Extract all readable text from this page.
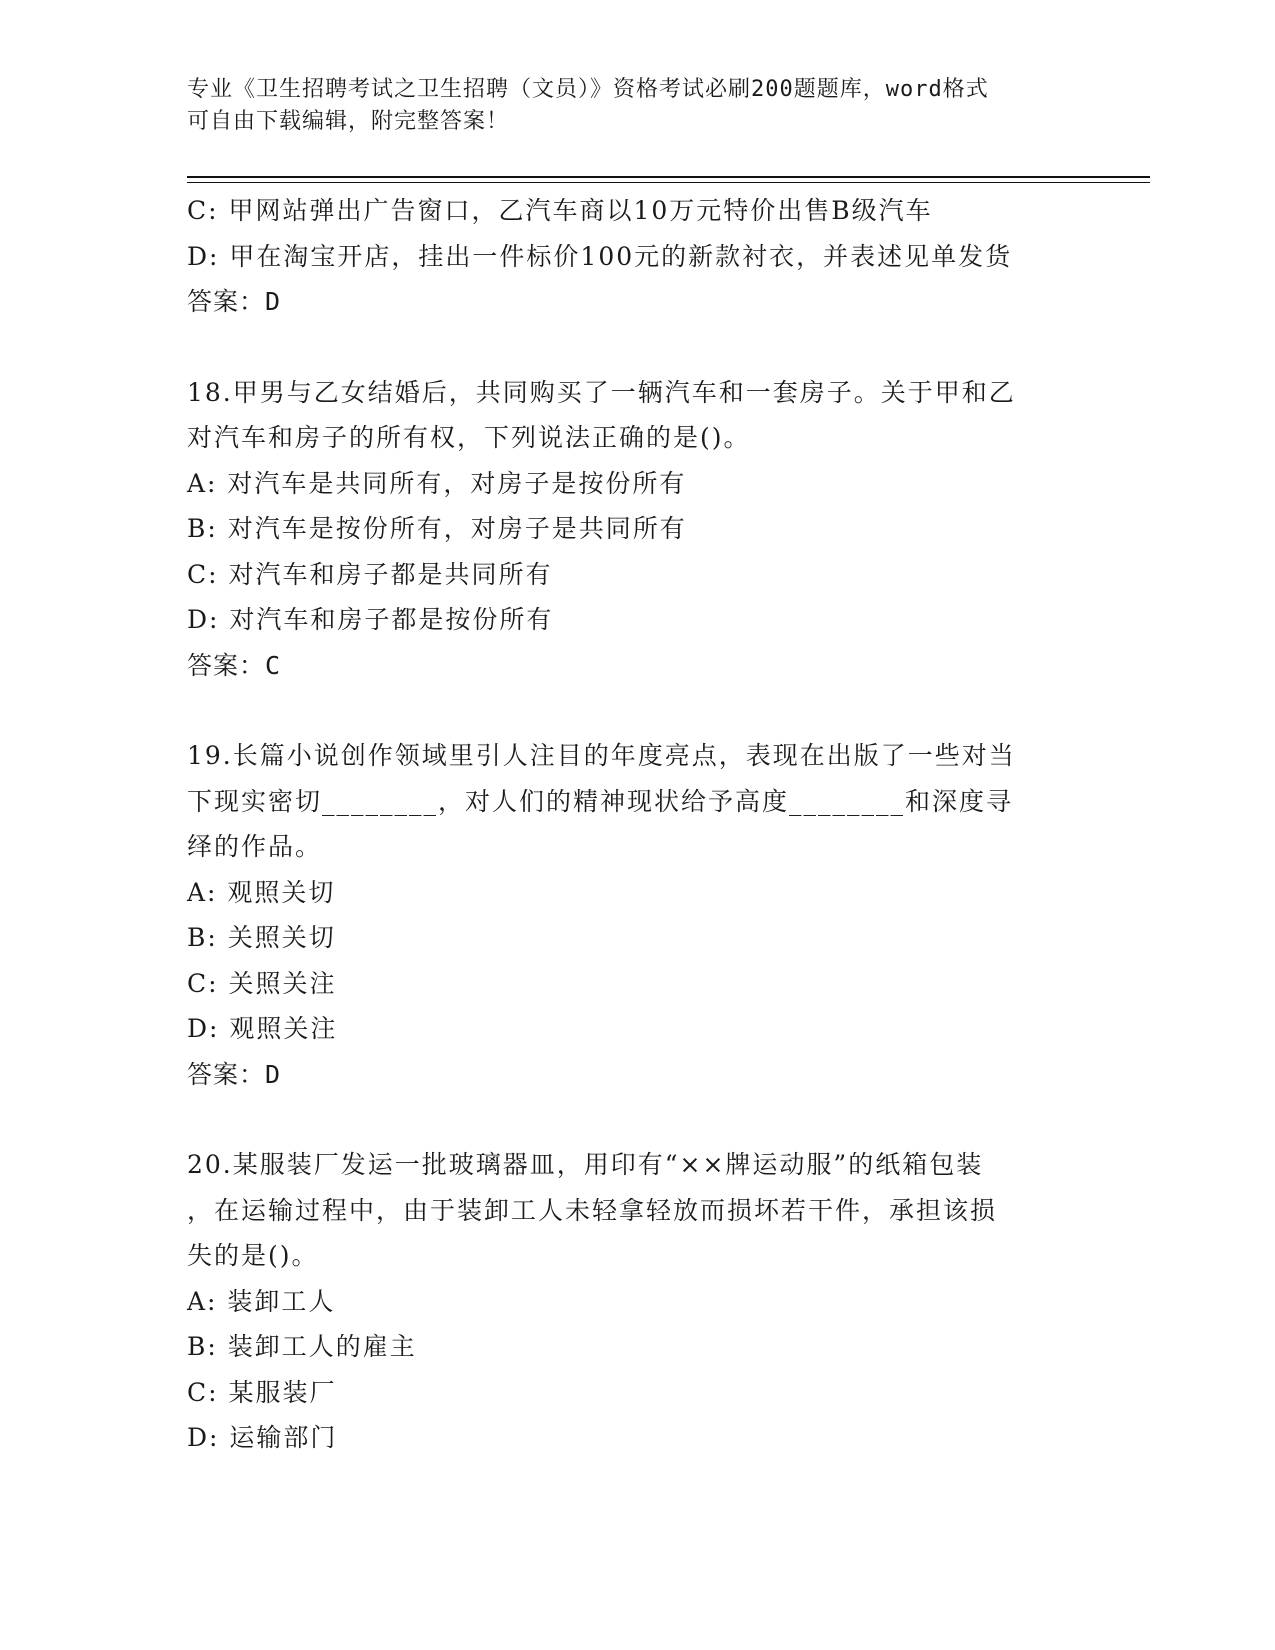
专业《卫生招聘考试之卫生招聘（文员）》资格考试必刷200题题库，word格式

可自由下载编辑，附完整答案！

C: 甲网站弹出广告窗口，乙汽车商以10万元特价出售B级汽车
D: 甲在淘宝开店，挂出一件标价100元的新款衬衣，并表述见单发货
答案：D
18.甲男与乙女结婚后，共同购买了一辆汽车和一套房子。关于甲和乙
对汽车和房子的所有权，下列说法正确的是()。
A: 对汽车是共同所有，对房子是按份所有
B: 对汽车是按份所有，对房子是共同所有
C: 对汽车和房子都是共同所有
D: 对汽车和房子都是按份所有
答案：C
19.长篇小说创作领域里引人注目的年度亮点，表现在出版了一些对当
下现实密切________，对人们的精神现状给予高度________和深度寻
绎的作品。
A: 观照关切
B: 关照关切
C: 关照关注
D: 观照关注
答案：D
20.某服装厂发运一批玻璃器皿，用印有“××牌运动服”的纸箱包装
，在运输过程中，由于装卸工人未轻拿轻放而损坏若干件，承担该损
失的是()。
A: 装卸工人
B: 装卸工人的雇主
C: 某服装厂
D: 运输部门
